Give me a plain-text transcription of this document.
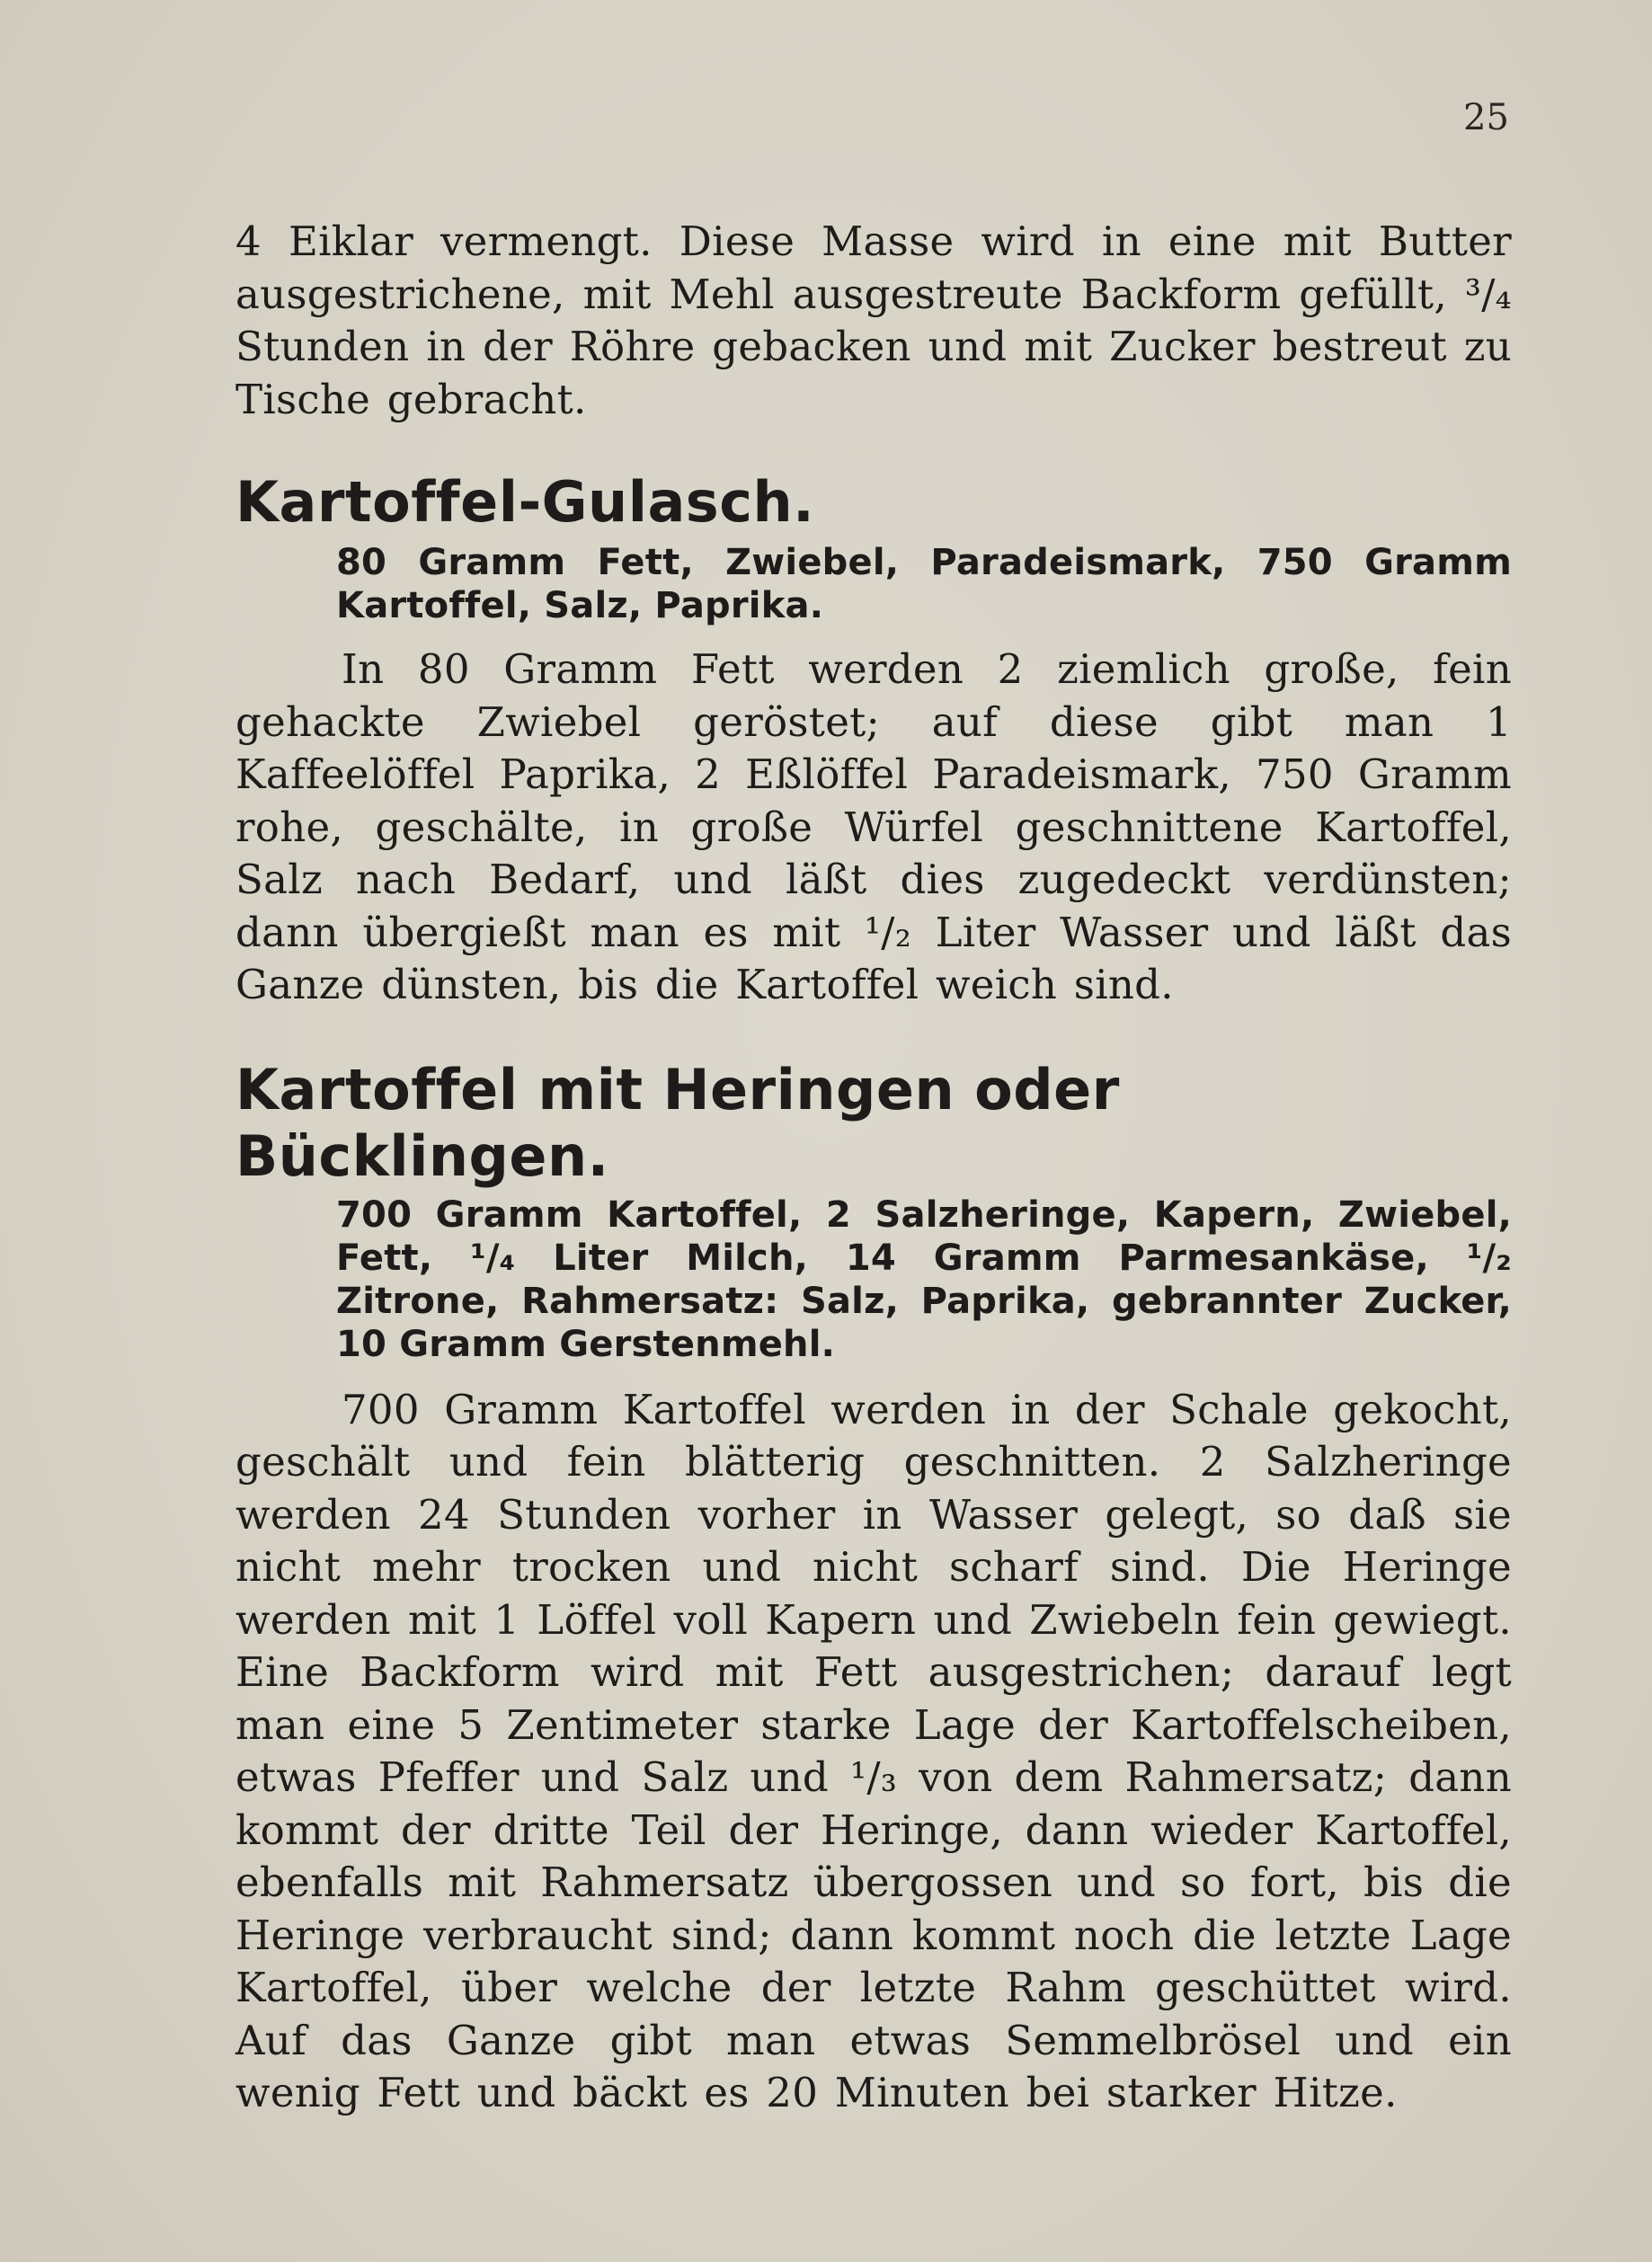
25

4 Eiklar vermengt. Diese Masse wird in eine mit Butter ausgestrichene, mit Mehl ausgestreute Backform gefüllt, ³/₄ Stunden in der Röhre gebacken und mit Zucker bestreut zu Tische gebracht.

Kartoffel-Gulasch.

80 Gramm Fett, Zwiebel, Paradeismark, 750 Gramm Kartoffel, Salz, Paprika.

In 80 Gramm Fett werden 2 ziemlich große, fein gehackte Zwiebel geröstet; auf diese gibt man 1 Kaffeelöffel Paprika, 2 Eßlöffel Paradeismark, 750 Gramm rohe, geschälte, in große Würfel geschnittene Kartoffel, Salz nach Bedarf, und läßt dies zugedeckt verdünsten; dann übergießt man es mit ¹/₂ Liter Wasser und läßt das Ganze dünsten, bis die Kartoffel weich sind.

Kartoffel mit Heringen oder Bücklingen.

700 Gramm Kartoffel, 2 Salzheringe, Kapern, Zwiebel, Fett, ¹/₄ Liter Milch, 14 Gramm Parmesankäse, ¹/₂ Zitrone, Rahmersatz: Salz, Paprika, gebrannter Zucker, 10 Gramm Gerstenmehl.

700 Gramm Kartoffel werden in der Schale gekocht, geschält und fein blätterig geschnitten. 2 Salzheringe werden 24 Stunden vorher in Wasser gelegt, so daß sie nicht mehr trocken und nicht scharf sind. Die Heringe werden mit 1 Löffel voll Kapern und Zwiebeln fein gewiegt. Eine Backform wird mit Fett ausgestrichen; darauf legt man eine 5 Zentimeter starke Lage der Kartoffelscheiben, etwas Pfeffer und Salz und ¹/₃ von dem Rahmersatz; dann kommt der dritte Teil der Heringe, dann wieder Kartoffel, ebenfalls mit Rahmersatz übergossen und so fort, bis die Heringe verbraucht sind; dann kommt noch die letzte Lage Kartoffel, über welche der letzte Rahm geschüttet wird. Auf das Ganze gibt man etwas Semmelbrösel und ein wenig Fett und bäckt es 20 Minuten bei starker Hitze.
